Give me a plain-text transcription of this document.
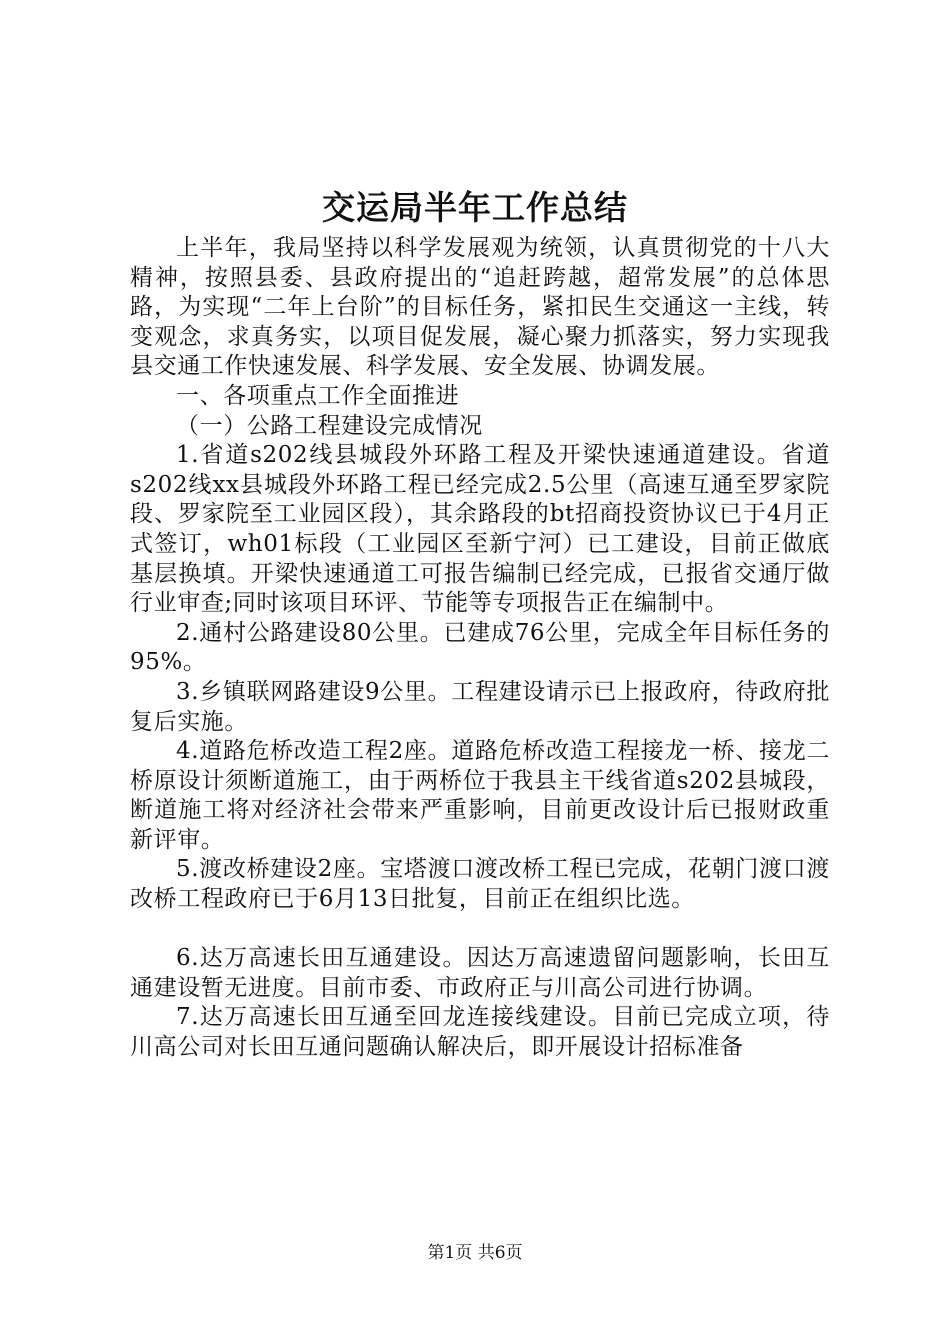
交运局半年工作总结

上半年，我局坚持以科学发展观为统领，认真贯彻党的十八大精神，按照县委、县政府提出的“追赶跨越，超常发展”的总体思路，为实现“二年上台阶”的目标任务，紧扣民生交通这一主线，转变观念，求真务实，以项目促发展，凝心聚力抓落实，努力实现我县交通工作快速发展、科学发展、安全发展、协调发展。

一、各项重点工作全面推进

（一）公路工程建设完成情况

1.省道s202线县城段外环路工程及开梁快速通道建设。省道s202线xx县城段外环路工程已经完成2.5公里（高速互通至罗家院段、罗家院至工业园区段），其余路段的bt招商投资协议已于4月正式签订，wh01标段（工业园区至新宁河）已工建设，目前正做底基层换填。开梁快速通道工可报告编制已经完成，已报省交通厅做行业审查;同时该项目环评、节能等专项报告正在编制中。

2.通村公路建设80公里。已建成76公里，完成全年目标任务的95%。

3.乡镇联网路建设9公里。工程建设请示已上报政府，待政府批复后实施。

4.道路危桥改造工程2座。道路危桥改造工程接龙一桥、接龙二桥原设计须断道施工，由于两桥位于我县主干线省道s202县城段，断道施工将对经济社会带来严重影响，目前更改设计后已报财政重新评审。

5.渡改桥建设2座。宝塔渡口渡改桥工程已完成，花朝门渡口渡改桥工程政府已于6月13日批复，目前正在组织比选。

6.达万高速长田互通建设。因达万高速遗留问题影响，长田互通建设暂无进度。目前市委、市政府正与川高公司进行协调。

7.达万高速长田互通至回龙连接线建设。目前已完成立项，待川高公司对长田互通问题确认解决后，即开展设计招标准备

第1页 共6页
